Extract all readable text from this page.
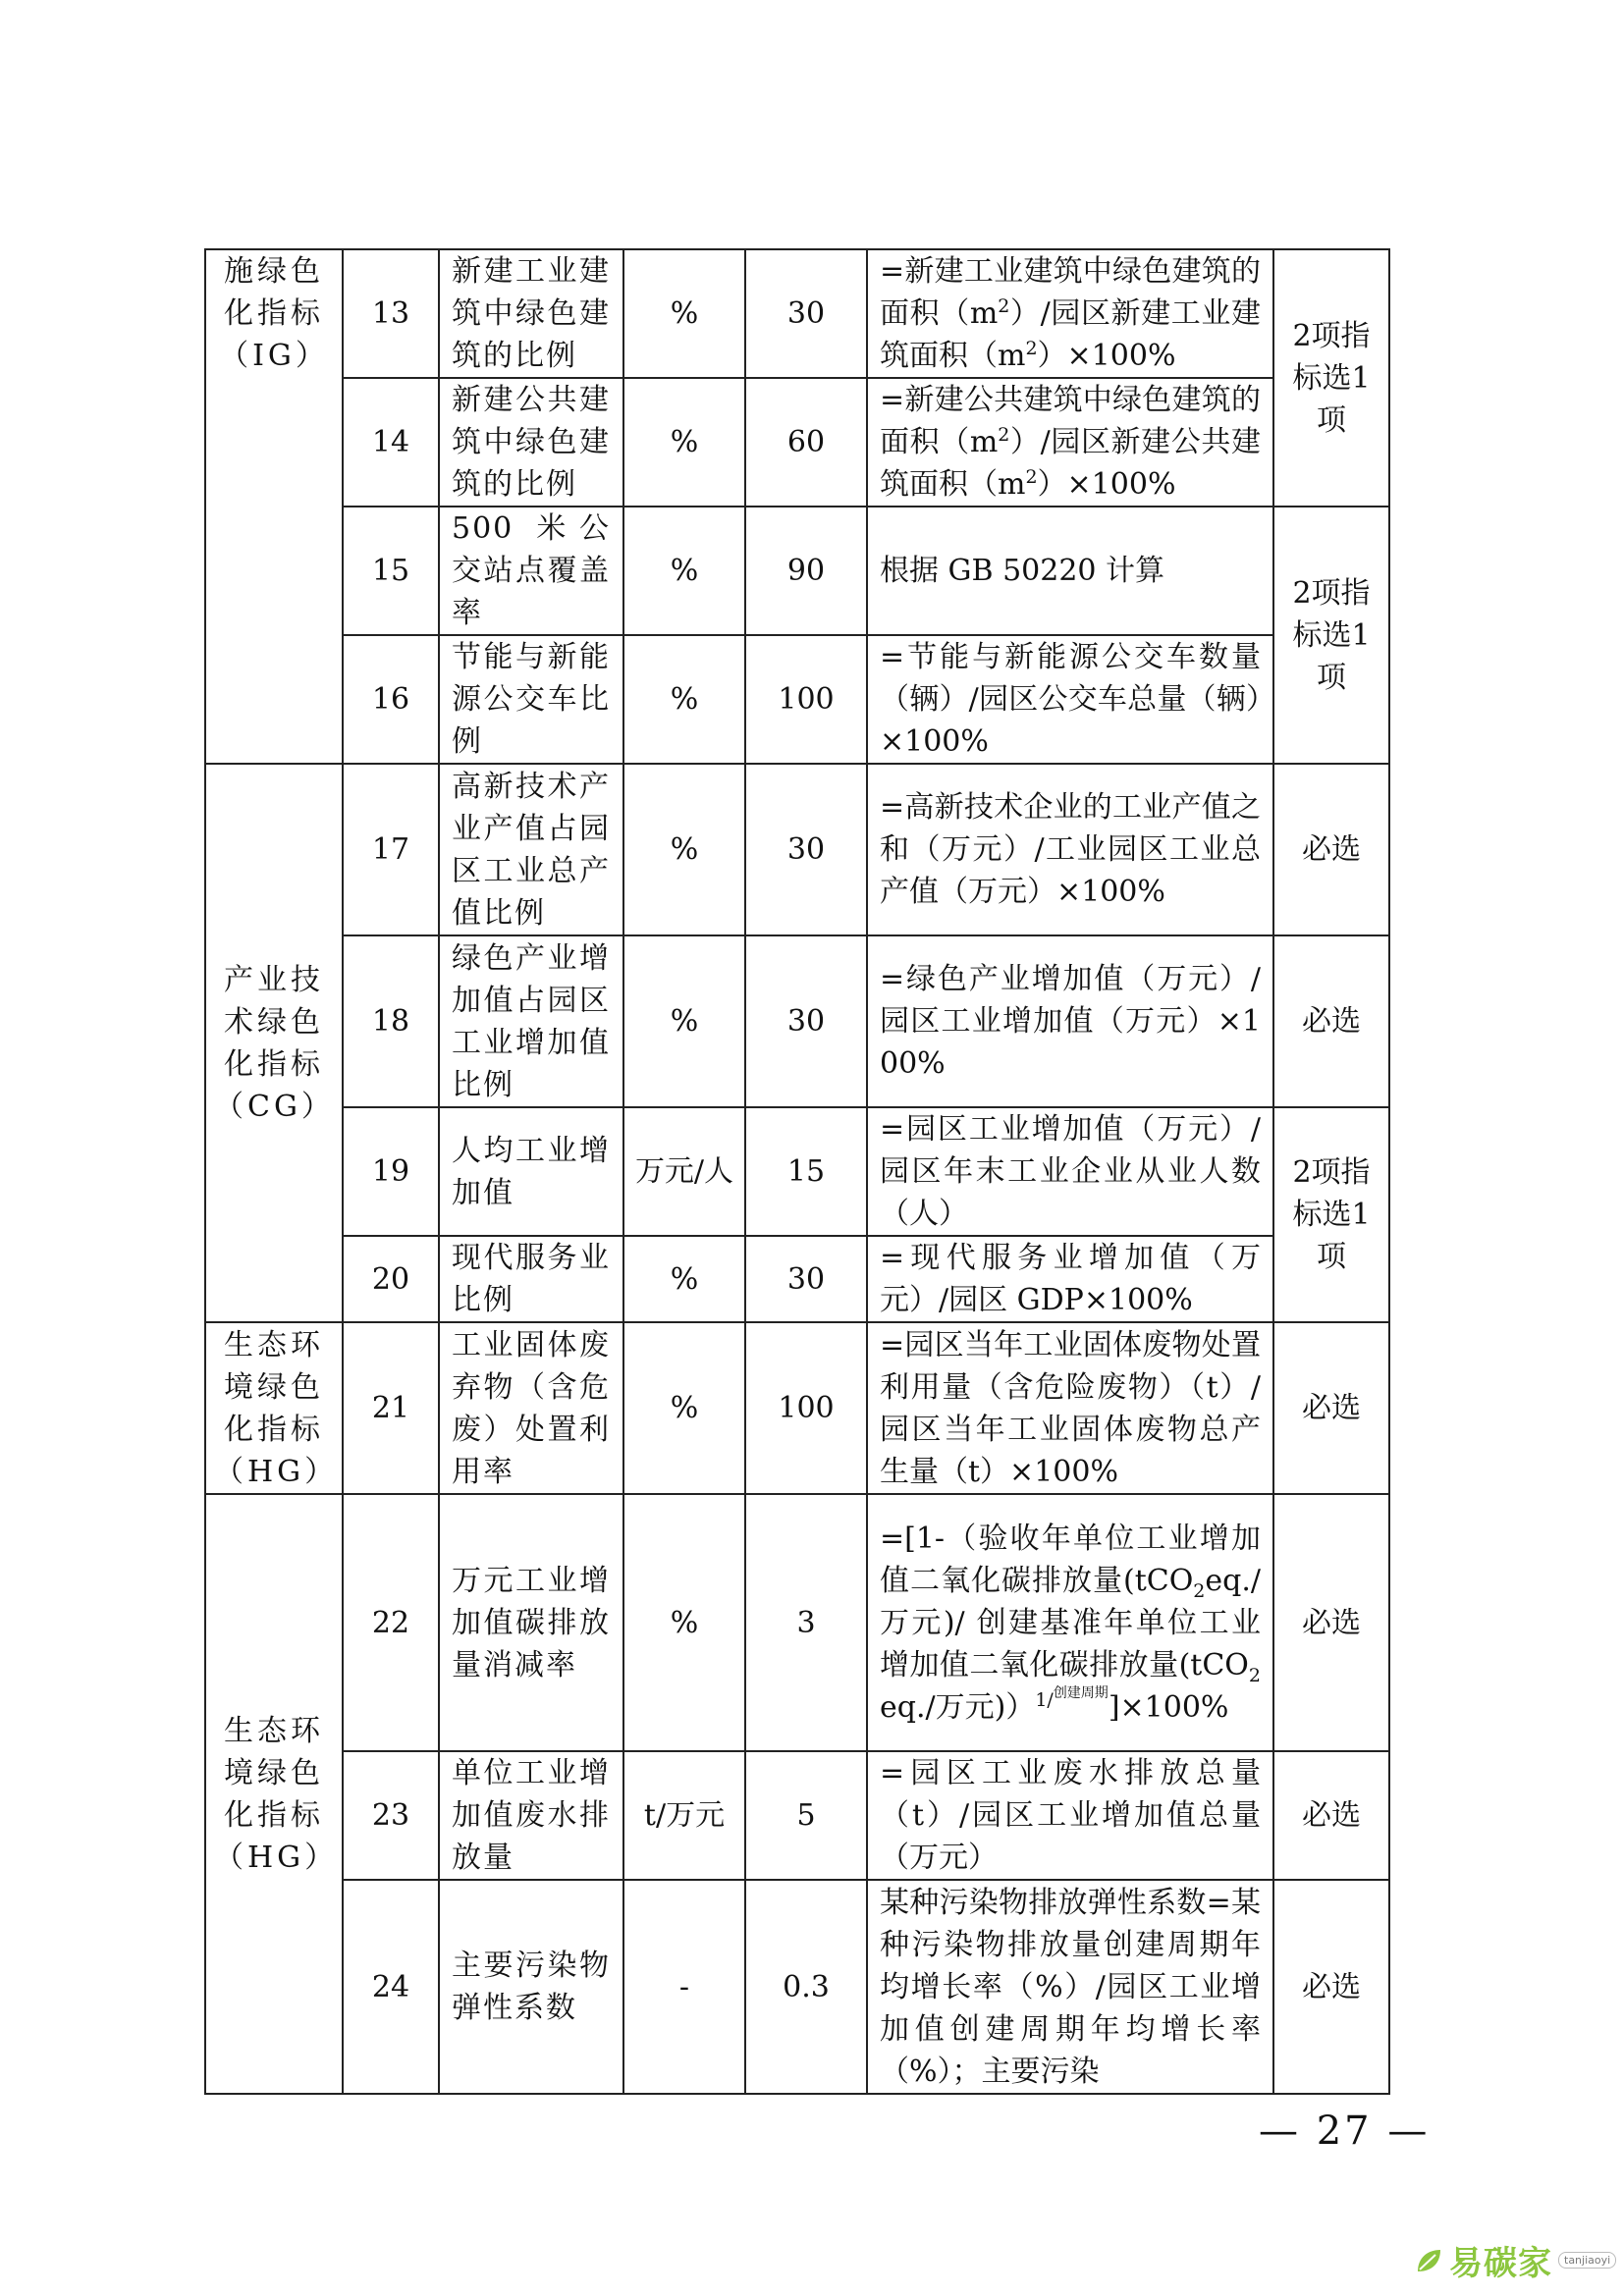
施绿色化指标（IG）	13	新建工业建筑中绿色建筑的比例	%	30	=新建工业建筑中绿色建筑的面积$(m^2)/$园区新建工业建筑面积$(m^2)\times 100\%$	2项指标选1项
	14	新建公共建筑中绿色建筑的比例	%	60	=新建公共建筑中绿色建筑的面积$(m^2)/$园区新建公共建筑面积$(m^2)\times 100\%$	
	15	500 米公交站点覆盖率	%	90	根据 GB 50220 计算	2项指标选1项
	16	节能与新能源公交车比例	%	100	=节能与新能源公交车数量（辆）/园区公交车总量（辆）×100%	
产业技术绿色化指标（CG）	17	高新技术产业产值占园区工业总产值比例	%	30	=高新技术企业的工业产值之和（万元）/工业园区工业总产值（万元）×100%	必选
	18	绿色产业增加值占园区工业增加值比例	%	30	=绿色产业增加值（万元）/园区工业增加值（万元）×100%	必选
	19	人均工业增加值	万元/人	15	=园区工业增加值（万元）/园区年末工业企业从业人数（人）	2项指标选1项
	20	现代服务业比例	%	30	=现代服务业增加值（万元）/园区 GDP×100%	
生态环境绿色化指标（HG）	21	工业固体废弃物（含危废）处置利用率	%	100	=园区当年工业固体废物处置利用量（含危险废物）（t）/园区当年工业固体废物总产生量（t）×100%	必选
生态环境绿色化指标（HG）	22	万元工业增加值碳排放量消减率	%	3	=[1-（验收年单位工业增加值二氧化碳排放量(tCO$_2$eq./万元)/ 创建基准年单位工业增加值二氧化碳排放量(tCO$_2$eq./万元)）$^{1/创建周期}$]×100%	必选
	23	单位工业增加值废水排放量	t/万元	5	=园区工业废水排放总量（t）/园区工业增加值总量（万元）	必选
	24	主要污染物弹性系数	-	0.3	某种污染物排放弹性系数=某种污染物排放量创建周期年均增长率（%）/园区工业增加值创建周期年均增长率（%）；主要污染	必选
— 27 —
易碳家	tanjiaoyi
